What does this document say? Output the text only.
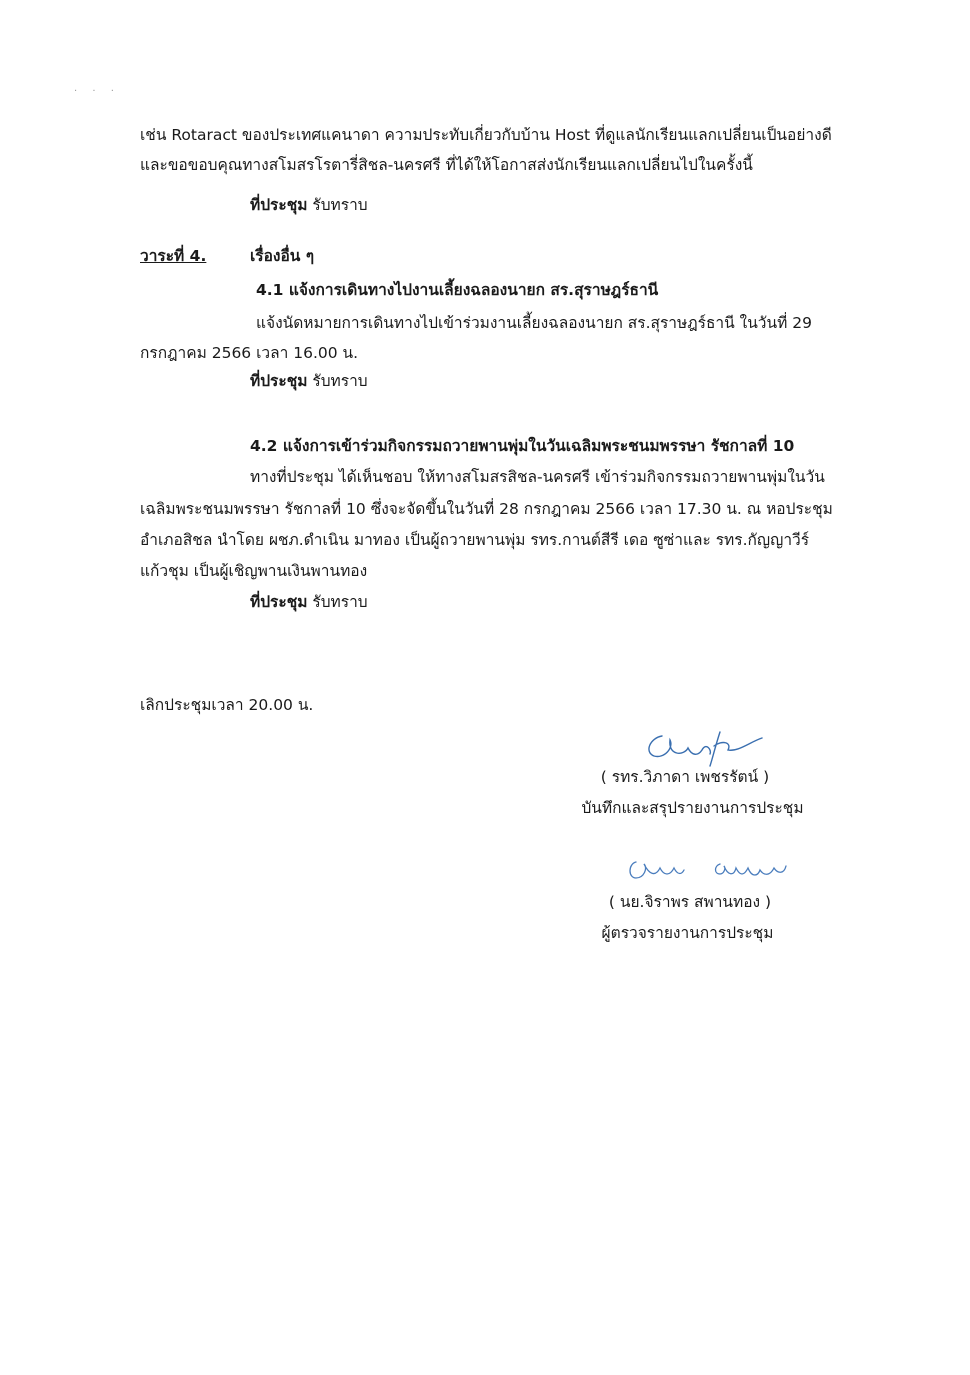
· · ·
เช่น Rotaract ของประเทศแคนาดา ความประทับเกี่ยวกับบ้าน Host ที่ดูแลนักเรียนแลกเปลี่ยนเป็นอย่างดี
และขอขอบคุณทางสโมสรโรตารี่สิชล-นครศรี ที่ได้ให้โอกาสส่งนักเรียนแลกเปลี่ยนไปในครั้งนี้
ที่ประชุม รับทราบ
วาระที่ 4.	เรื่องอื่น ๆ
4.1 แจ้งการเดินทางไปงานเลี้ยงฉลองนายก สร.สุราษฎร์ธานี
แจ้งนัดหมายการเดินทางไปเข้าร่วมงานเลี้ยงฉลองนายก สร.สุราษฎร์ธานี ในวันที่ 29
กรกฎาคม 2566 เวลา 16.00 น.
ที่ประชุม รับทราบ
4.2 แจ้งการเข้าร่วมกิจกรรมถวายพานพุ่มในวันเฉลิมพระชนมพรรษา รัชกาลที่ 10
ทางที่ประชุม ได้เห็นชอบ ให้ทางสโมสรสิชล-นครศรี เข้าร่วมกิจกรรมถวายพานพุ่มในวัน
เฉลิมพระชนมพรรษา รัชกาลที่ 10 ซึ่งจะจัดขึ้นในวันที่ 28 กรกฎาคม 2566 เวลา 17.30 น. ณ หอประชุม
อำเภอสิชล นำโดย ผชภ.ดำเนิน มาทอง เป็นผู้ถวายพานพุ่ม รทร.กานต์สีรี เดอ ซูซ่าและ รทร.กัญญาวีร์
แก้วชุม เป็นผู้เชิญพานเงินพานทอง
ที่ประชุม รับทราบ
เลิกประชุมเวลา 20.00 น.
( รทร.วิภาดา เพชรรัตน์ )
บันทึกและสรุปรายงานการประชุม
( นย.จิราพร สพานทอง )
ผู้ตรวจรายงานการประชุม
